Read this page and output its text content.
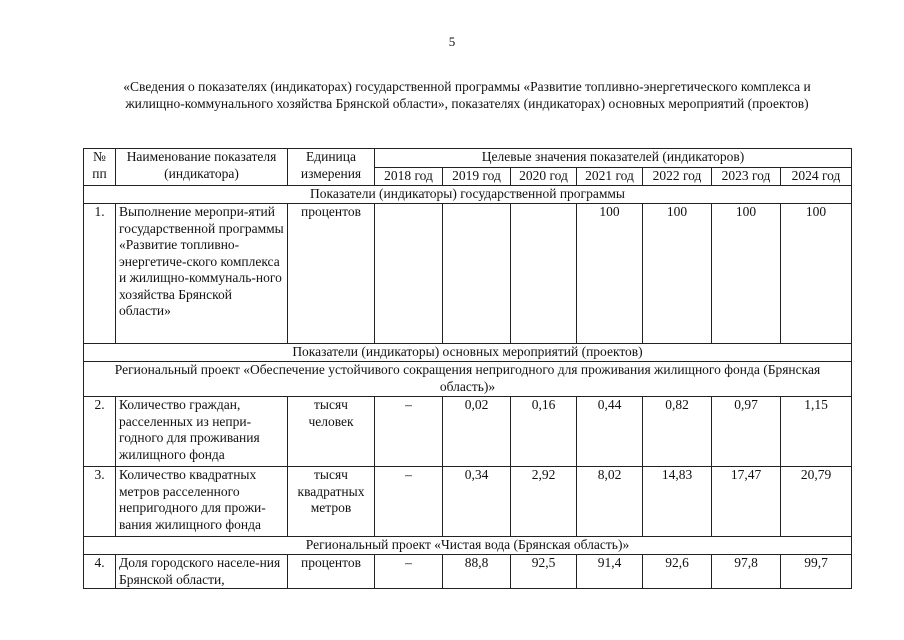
5
«Сведения о показателях (индикаторах) государственной программы «Развитие топливно-энергетического комплекса и жилищно-коммунального хозяйства Брянской области», показателях (индикаторах) основных мероприятий (проектов)
№ пп	Наименование показателя (индикатора)	Единица измерения	Целевые значения показателей (индикаторов)						
			2018 год	2019 год	2020 год	2021 год	2022 год	2023 год	2024 год
Показатели (индикаторы) государственной программы									
1.	Выполнение меропри-ятий государственной программы «Развитие топливно-энергетиче-ского комплекса и жилищно-коммуналь-ного хозяйства Брянской области»	процентов				100	100	100	100
Показатели (индикаторы) основных мероприятий (проектов)									
Региональный проект «Обеспечение устойчивого сокращения непригодного для проживания жилищного фонда (Брянская область)»									
2.	Количество граждан, расселенных из непри-годного для проживания жилищного фонда	тысяч человек	–	0,02	0,16	0,44	0,82	0,97	1,15
3.	Количество квадратных метров расселенного непригодного для прожи-вания жилищного фонда	тысяч квадратных метров	–	0,34	2,92	8,02	14,83	17,47	20,79
Региональный проект «Чистая вода (Брянская область)»									
4.	Доля городского населе-ния Брянской области,	процентов	–	88,8	92,5	91,4	92,6	97,8	99,7
